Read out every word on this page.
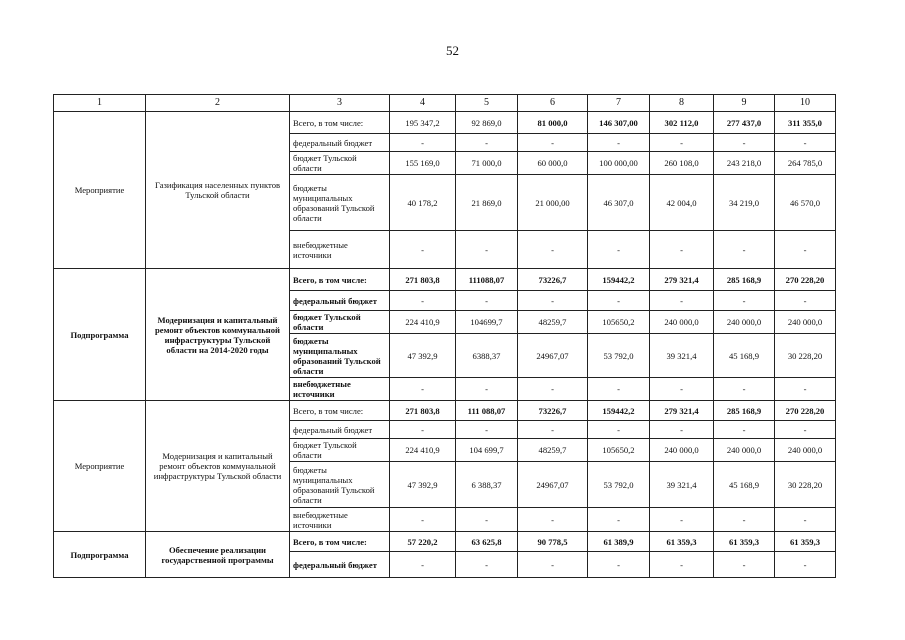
52
1	2	3	4	5	6	7	8	9	10
Мероприятие	Газификация населенных пунктов Тульской области	Всего, в том числе:	195 347,2	92 869,0	81 000,0	146 307,00	302 112,0	277 437,0	311 355,0
		федеральный бюджет	-	-	-	-	-	-	-
		бюджет Тульской области	155 169,0	71 000,0	60 000,0	100 000,00	260 108,0	243 218,0	264 785,0
		бюджеты муниципальных образований Тульской области	40 178,2	21 869,0	21 000,00	46 307,0	42 004,0	34 219,0	46 570,0
		внебюджетные источники	-	-	-	-	-	-	-
Подпрограмма	Модернизация и капитальный ремонт объектов коммунальной инфраструктуры Тульской области на 2014-2020 годы	Всего, в том числе:	271 803,8	111088,07	73226,7	159442,2	279 321,4	285 168,9	270 228,20
		федеральный бюджет	-	-	-	-	-	-	-
		бюджет Тульской области	224 410,9	104699,7	48259,7	105650,2	240 000,0	240 000,0	240 000,0
		бюджеты муниципальных образований Тульской области	47 392,9	6388,37	24967,07	53 792,0	39 321,4	45 168,9	30 228,20
		внебюджетные источники	-	-	-	-	-	-	-
Мероприятие	Модернизация и капитальный ремонт объектов коммунальной инфраструктуры Тульской области	Всего, в том числе:	271 803,8	111 088,07	73226,7	159442,2	279 321,4	285 168,9	270 228,20
		федеральный бюджет	-	-	-	-	-	-	-
		бюджет Тульской области	224 410,9	104 699,7	48259,7	105650,2	240 000,0	240 000,0	240 000,0
		бюджеты муниципальных образований Тульской области	47 392,9	6 388,37	24967,07	53 792,0	39 321,4	45 168,9	30 228,20
		внебюджетные источники	-	-	-	-	-	-	-
Подпрограмма	Обеспечение реализации государственной программы	Всего, в том числе:	57 220,2	63 625,8	90 778,5	61 389,9	61 359,3	61 359,3	61 359,3
		федеральный бюджет	-	-	-	-	-	-	-
